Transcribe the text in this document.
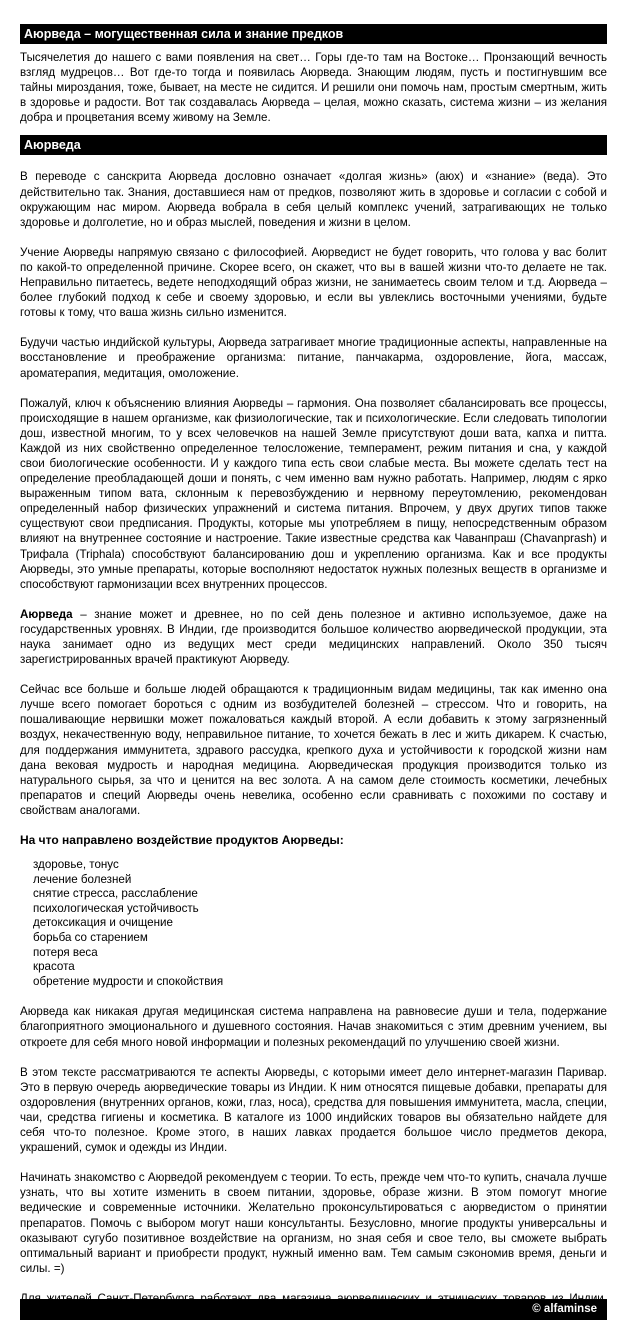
Аюрведа – могущественная сила и знание предков

Тысячелетия до нашего с вами появления на свет… Горы где-то там на Востоке… Пронзающий вечность взгляд мудрецов… Вот где-то тогда и появилась Аюрведа. Знающим людям, пусть и постигнувшим все тайны мироздания, тоже, бывает, на месте не сидится. И решили они помочь нам, простым смертным, жить в здоровье и радости. Вот так создавалась Аюрведа – целая, можно сказать, система жизни – из желания добра и процветания всему живому на Земле.

Аюрведа

В переводе с санскрита Аюрведа дословно означает «долгая жизнь» (аюх) и «знание» (веда). Это действительно так. Знания, доставшиеся нам от предков, позволяют жить в здоровье и согласии с собой и окружающим нас миром. Аюрведа вобрала в себя целый комплекс учений, затрагивающих не только здоровье и долголетие, но и образ мыслей, поведения и жизни в целом.

Учение Аюрведы напрямую связано с философией. Аюрведист не будет говорить, что голова у вас болит по какой-то определенной причине. Скорее всего, он скажет, что вы в вашей жизни что-то делаете не так. Неправильно питаетесь, ведете неподходящий образ жизни, не занимаетесь своим телом и т.д. Аюрведа – более глубокий подход к себе и своему здоровью, и если вы увлеклись восточными учениями, будьте готовы к тому, что ваша жизнь сильно изменится.

Будучи частью индийской культуры, Аюрведа затрагивает многие традиционные аспекты, направленные на восстановление и преображение организма: питание, панчакарма, оздоровление, йога, массаж, ароматерапия, медитация, омоложение.

Пожалуй, ключ к объяснению влияния Аюрведы – гармония. Она позволяет сбалансировать все процессы, происходящие в нашем организме, как физиологические, так и психологические. Если следовать типологии дош, известной многим, то у всех человечков на нашей Земле присутствуют доши вата, капха и питта. Каждой из них свойственно определенное телосложение, темперамент, режим питания и сна, у каждой свои биологические особенности. И у каждого типа есть свои слабые места. Вы можете сделать тест на определение преобладающей доши и понять, с чем именно вам нужно работать. Например, людям с ярко выраженным типом вата, склонным к перевозбуждению и нервному переутомлению, рекомендован определенный набор физических упражнений и система питания. Впрочем, у двух других типов также существуют свои предписания. Продукты, которые мы употребляем в пищу, непосредственным образом влияют на внутреннее состояние и настроение. Такие известные средства как Чаванпраш (Chavanprash) и Трифала (Triphala) способствуют балансированию дош и укреплению организма. Как и все продукты Аюрведы, это умные препараты, которые восполняют недостаток нужных полезных веществ в организме и способствуют гармонизации всех внутренних процессов.

Аюрведа – знание может и древнее, но по сей день полезное и активно используемое, даже на государственных уровнях. В Индии, где производится большое количество аюрведической продукции, эта наука занимает одно из ведущих мест среди медицинских направлений. Около 350 тысяч зарегистрированных врачей практикуют Аюрведу.

Сейчас все больше и больше людей обращаются к традиционным видам медицины, так как именно она лучше всего помогает бороться с одним из возбудителей болезней – стрессом. Что и говорить, на пошаливающие нервишки может пожаловаться каждый второй. А если добавить к этому загрязненный воздух, некачественную воду, неправильное питание, то хочется бежать в лес и жить дикарем. К счастью, для поддержания иммунитета, здравого рассудка, крепкого духа и устойчивости к городской жизни нам дана вековая мудрость и народная медицина. Аюрведическая продукция производится только из натурального сырья, за что и ценится на вес золота. А на самом деле стоимость косметики, лечебных препаратов и специй Аюрведы очень невелика, особенно если сравнивать с похожими по составу и свойствам аналогами.

На что направлено воздействие продуктов Аюрведы:
здоровье, тонус
лечение болезней
снятие стресса, расслабление
психологическая устойчивость
детоксикация и очищение
борьба со старением
потеря веса
красота
обретение мудрости и спокойствия

Аюрведа как никакая другая медицинская система направлена на равновесие души и тела, подержание благоприятного эмоционального и душевного состояния. Начав знакомиться с этим древним учением, вы откроете для себя много новой информации и полезных рекомендаций по улучшению своей жизни.

В этом тексте рассматриваются те аспекты Аюрведы, с которыми имеет дело интернет-магазин Паривар. Это в первую очередь аюрведические товары из Индии. К ним относятся пищевые добавки, препараты для оздоровления (внутренних органов, кожи, глаз, носа), средства для повышения иммунитета, масла, специи, чаи, средства гигиены и косметика. В каталоге из 1000 индийских товаров вы обязательно найдете для себя что-то полезное. Кроме этого, в наших лавках продается большое число предметов декора, украшений, сумок и одежды из Индии.

Начинать знакомство с Аюрведой рекомендуем с теории. То есть, прежде чем что-то купить, сначала лучше узнать, что вы хотите изменить в своем питании, здоровье, образе жизни. В этом помогут многие ведические и современные источники. Желательно проконсультироваться с аюрведистом о принятии препаратов. Помочь с выбором могут наши консультанты. Безусловно, многие продукты универсальны и оказывают сугубо позитивное воздействие на организм, но зная себя и свое тело, вы сможете выбрать оптимальный вариант и приобрести продукт, нужный именно вам. Тем самым сэкономив время, деньги и силы. =)

© alfaminse
